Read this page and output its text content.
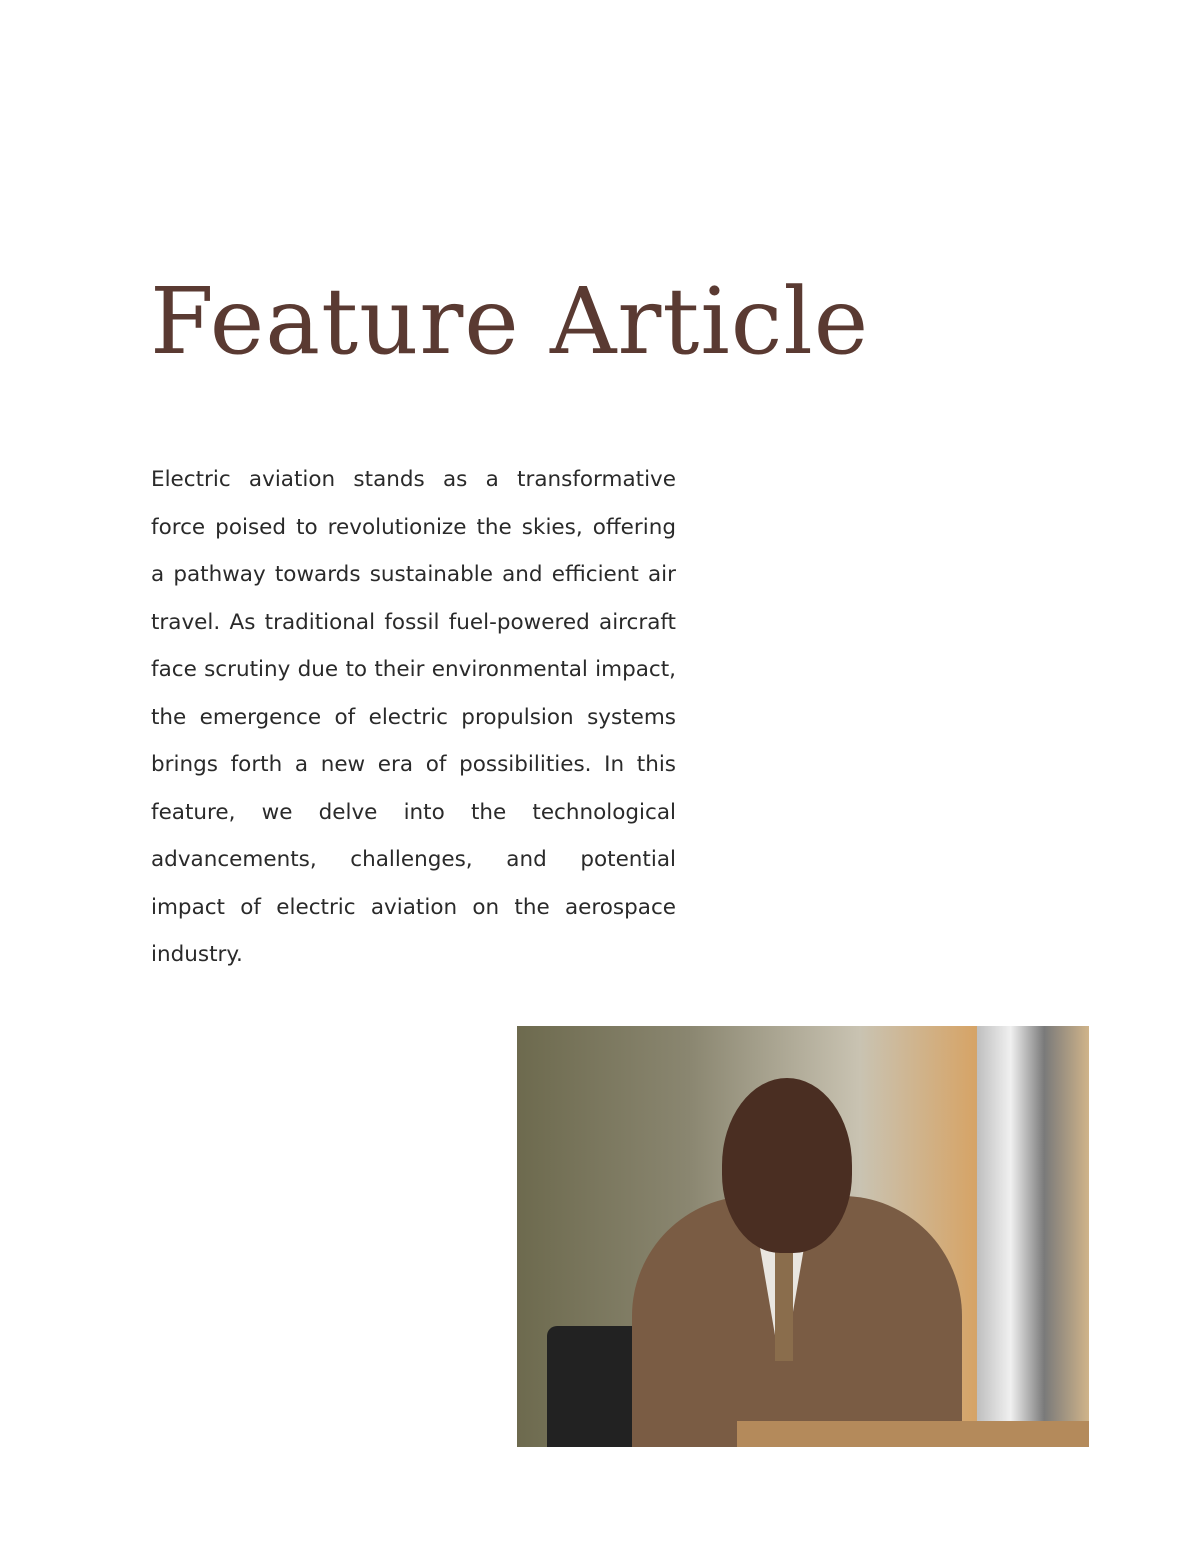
Feature Article

Electric aviation stands as a transformative force poised to revolutionize the skies, offering a pathway towards sustainable and efficient air travel. As traditional fossil fuel-powered aircraft face scrutiny due to their environmental impact, the emergence of electric propulsion systems brings forth a new era of possibilities. In this feature, we delve into the technological advancements, challenges, and potential impact of electric aviation on the aerospace industry.
